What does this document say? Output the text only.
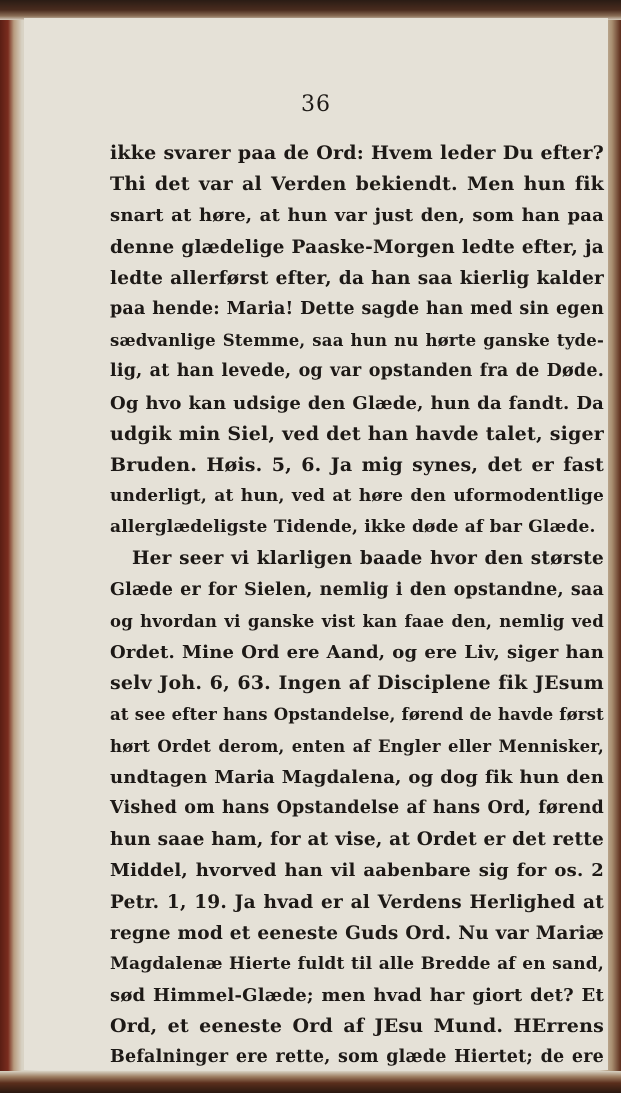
36
ikke svarer paa de Ord: Hvem leder Du efter?
Thi det var al Verden bekiendt. Men hun fik
snart at høre, at hun var just den, som han paa
denne glædelige Paaske-Morgen ledte efter, ja
ledte allerførst efter, da han saa kierlig kalder
paa hende: Maria! Dette sagde han med sin egen
sædvanlige Stemme, saa hun nu hørte ganske tyde-
lig, at han levede, og var opstanden fra de Døde.
Og hvo kan udsige den Glæde, hun da fandt. Da
udgik min Siel, ved det han havde talet, siger
Bruden. Høis. 5, 6. Ja mig synes, det er fast
underligt, at hun, ved at høre den uformodentlige
allerglædeligste Tidende, ikke døde af bar Glæde.
Her seer vi klarligen baade hvor den største
Glæde er for Sielen, nemlig i den opstandne, saa
og hvordan vi ganske vist kan faae den, nemlig ved
Ordet. Mine Ord ere Aand, og ere Liv, siger han
selv Joh. 6, 63. Ingen af Disciplene fik JEsum
at see efter hans Opstandelse, førend de havde først
hørt Ordet derom, enten af Engler eller Mennisker,
undtagen Maria Magdalena, og dog fik hun den
Vished om hans Opstandelse af hans Ord, førend
hun saae ham, for at vise, at Ordet er det rette
Middel, hvorved han vil aabenbare sig for os. 2
Petr. 1, 19. Ja hvad er al Verdens Herlighed at
regne mod et eeneste Guds Ord. Nu var Mariæ
Magdalenæ Hierte fuldt til alle Bredde af en sand,
sød Himmel-Glæde; men hvad har giort det? Et
Ord, et eeneste Ord af JEsu Mund. HErrens
Befalninger ere rette, som glæde Hiertet; de ere
